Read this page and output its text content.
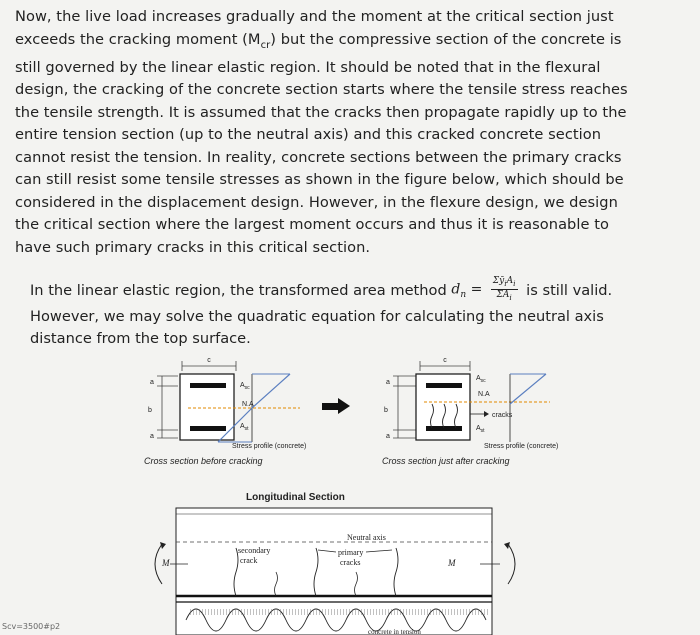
Now, the live load increases gradually and the moment at the critical section just
exceeds the cracking moment $(M_{cr})$ but the compressive section of the concrete is
still governed by the linear elastic region. It should be noted that in the flexural
design, the cracking of the concrete section starts where the tensile stress reaches
the tensile strength. It is assumed that the cracks then propagate rapidly up to the
entire tension section (up to the neutral axis) and this cracked concrete section
cannot resist the tension. In reality, concrete sections between the primary cracks
can still resist some tensile stresses as shown in the figure below, which should be
considered in the displacement design. However, in the flexure design, we design
the critical section where the largest moment occurs and thus it is reasonable to
have such primary cracks in this critical section.
In the linear elastic region, the transformed area method $d_n = \frac{\Sigma ȳ_iA_i}{\Sigma A_i}$ is still valid.
However, we may solve the quadratic equation for calculating the neutral axis
distance from the top surface.
c
a
b
a
$A_{sc}$
N.A
$A_{st}$
Stress profile (concrete)
Cross section before cracking
c
a
b
a
$A_{sc}$
N.A
cracks
$A_{st}$
Stress profile (concrete)
Cross section just after cracking
Longitudinal Section
Neutral axis
secondary
crack
primary
cracks
M	M
concrete in tension
Scv=3500#p2
